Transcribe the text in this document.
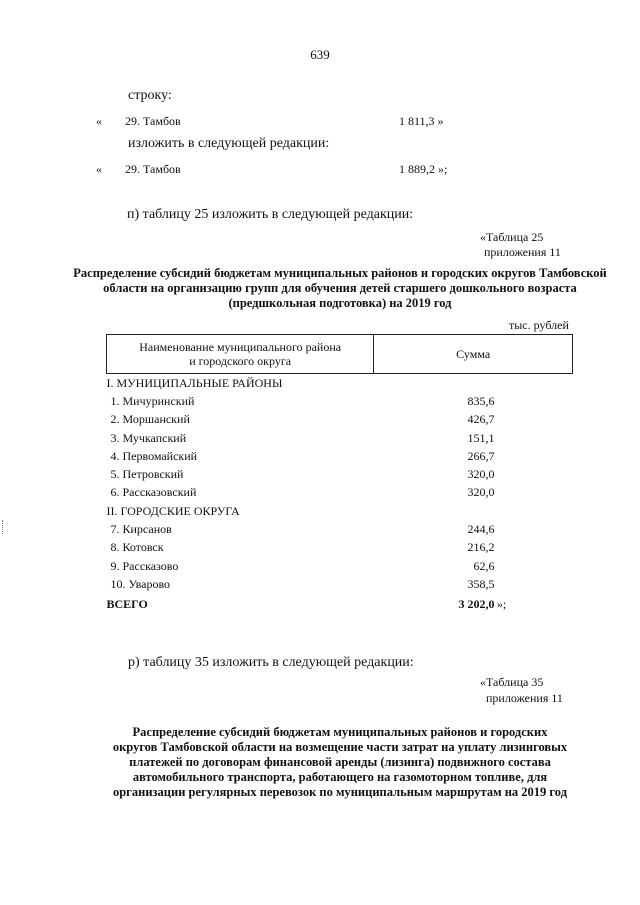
639
строку:
« 29. Тамбов	1 811,3 »
изложить в следующей редакции:
« 29. Тамбов	1 889,2 »;
п) таблицу 25 изложить в следующей редакции:
«Таблица 25
приложения 11
Распределение субсидий бюджетам муниципальных районов и городских округов Тамбовской области на организацию групп для обучения детей старшего дошкольного возраста (предшкольная подготовка) на 2019 год
тыс. рублей
Наименование муниципального района
и городского округа	Сумма
I. МУНИЦИПАЛЬНЫЕ РАЙОНЫ	
1. Мичуринский	835,6
2. Моршанский	426,7
3. Мучкапский	151,1
4. Первомайский	266,7
5. Петровский	320,0
6. Рассказовский	320,0
II. ГОРОДСКИЕ ОКРУГА	
7. Кирсанов	244,6
8. Котовск	216,2
9. Рассказово	62,6
10. Уварово	358,5
ВСЕГО	3 202,0 »;
р) таблицу 35 изложить в следующей редакции:
«Таблица 35
приложения 11
Распределение субсидий бюджетам муниципальных районов и городских округов Тамбовской области на возмещение части затрат на уплату лизинговых платежей по договорам финансовой аренды (лизинга) подвижного состава автомобильного транспорта, работающего на газомоторном топливе, для организации регулярных перевозок по муниципальным маршрутам на 2019 год
